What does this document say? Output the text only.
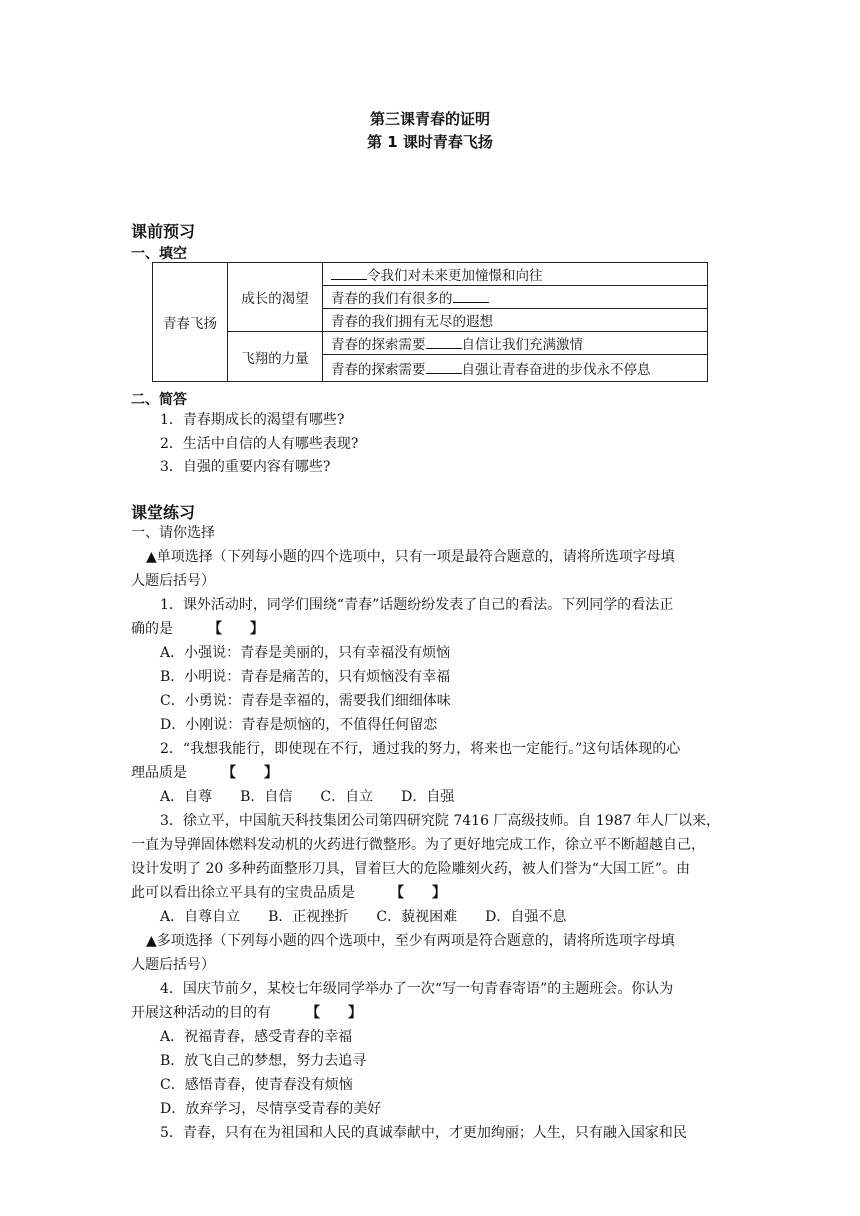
第三课青春的证明
第 1 课时青春飞扬
课前预习
一、填空
青春飞扬	成长的渴望	令我们对未来更加憧憬和向往
		青春的我们有很多的
		青春的我们拥有无尽的遐想
	飞翔的力量	青春的探索需要 自信让我们充满激情
		青春的探索需要 自强让青春奋进的步伐永不停息
二、简答
1．青春期成长的渴望有哪些?
2．生活中自信的人有哪些表现?
3．自强的重要内容有哪些?
课堂练习
一、请你选择
▲单项选择（下列每小题的四个选项中，只有一项是最符合题意的，请将所选项字母填
人题后括号）
1．课外活动时，同学们围绕“青春”话题纷纷发表了自己的看法。下列同学的看法正
确的是　　　	【　　】
A．小强说：青春是美丽的，只有幸福没有烦恼
B．小明说：青春是痛苦的，只有烦恼没有幸福
C．小勇说：青春是幸福的，需要我们细细体味
D．小刚说：青春是烦恼的，不值得任何留恋
2．“我想我能行，即使现在不行，通过我的努力，将来也一定能行。”这句话体现的心
理品质是　　　	【　　】
A．自尊　　B．自信　　C．自立　　D．自强
3．徐立平，中国航天科技集团公司第四研究院 7416 厂高级技师。自 1987 年人厂以来，
一直为导弹固体燃料发动机的火药进行微整形。为了更好地完成工作，徐立平不断超越自己，
设计发明了 20 多种药面整形刀具，冒着巨大的危险雕刻火药，被人们誉为“大国工匠”。由
此可以看出徐立平具有的宝贵品质是　　　	【　　】
A．自尊自立　　B．正视挫折　　C．藐视困难　　D．自强不息
▲多项选择（下列每小题的四个选项中，至少有两项是符合题意的，请将所选项字母填
人题后括号）
4．国庆节前夕，某校七年级同学举办了一次“写一句青春寄语”的主题班会。你认为
开展这种活动的目的有　　　	【　　】
A．祝福青春，感受青春的幸福
B．放飞自己的梦想，努力去追寻
C．感悟青春，使青春没有烦恼
D．放弃学习，尽情享受青春的美好
5．青春，只有在为祖国和人民的真诚奉献中，才更加绚丽；人生，只有融入国家和民
